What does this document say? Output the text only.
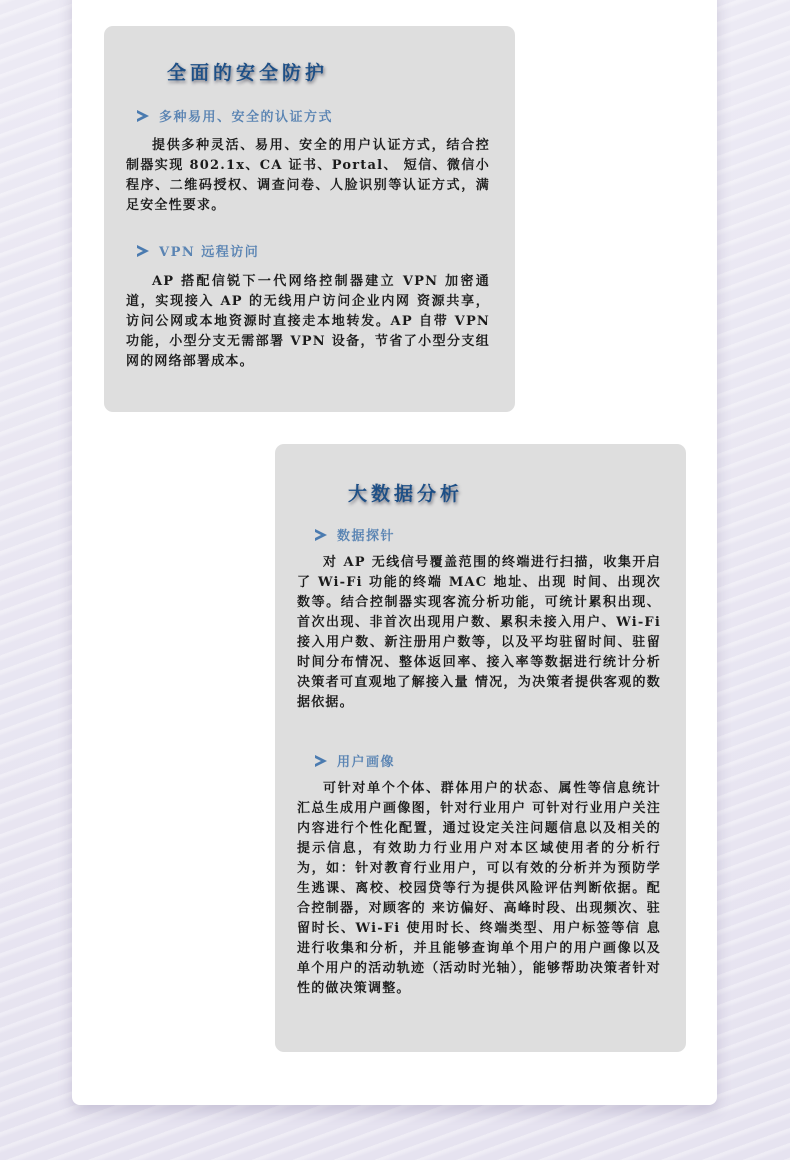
全面的安全防护
多种易用、安全的认证方式

提供多种灵活、易用、安全的用户认证方式，结合控制器实现 802.1x、CA 证书、Portal、 短信、微信小程序、二维码授权、调查问卷、人脸识别等认证方式，满足安全性要求。

VPN 远程访问

AP 搭配信锐下一代网络控制器建立 VPN 加密通道，实现接入 AP 的无线用户访问企业内网 资源共享，访问公网或本地资源时直接走本地转发。AP 自带 VPN 功能，小型分支无需部署 VPN 设备，节省了小型分支组网的网络部署成本。

大数据分析
数据探针

对 AP 无线信号覆盖范围的终端进行扫描，收集开启了 Wi-Fi 功能的终端 MAC 地址、出现 时间、出现次数等。结合控制器实现客流分析功能，可统计累积出现、首次出现、非首次出现用户数、累积未接入用户、Wi-Fi 接入用户数、新注册用户数等，以及平均驻留时间、驻留时间分布情况、整体返回率、接入率等数据进行统计分析决策者可直观地了解接入量 情况，为决策者提供客观的数据依据。

用户画像

可针对单个个体、群体用户的状态、属性等信息统计汇总生成用户画像图，针对行业用户 可针对行业用户关注内容进行个性化配置，通过设定关注问题信息以及相关的提示信息，有效助力行业用户对本区域使用者的分析行为，如：针对教育行业用户，可以有效的分析并为预防学生逃课、离校、校园贷等行为提供风险评估判断依据。配合控制器，对顾客的 来访偏好、高峰时段、出现频次、驻留时长、Wi-Fi 使用时长、终端类型、用户标签等信 息进行收集和分析，并且能够查询单个用户的用户画像以及单个用户的活动轨迹（活动时光轴），能够帮助决策者针对性的做决策调整。
